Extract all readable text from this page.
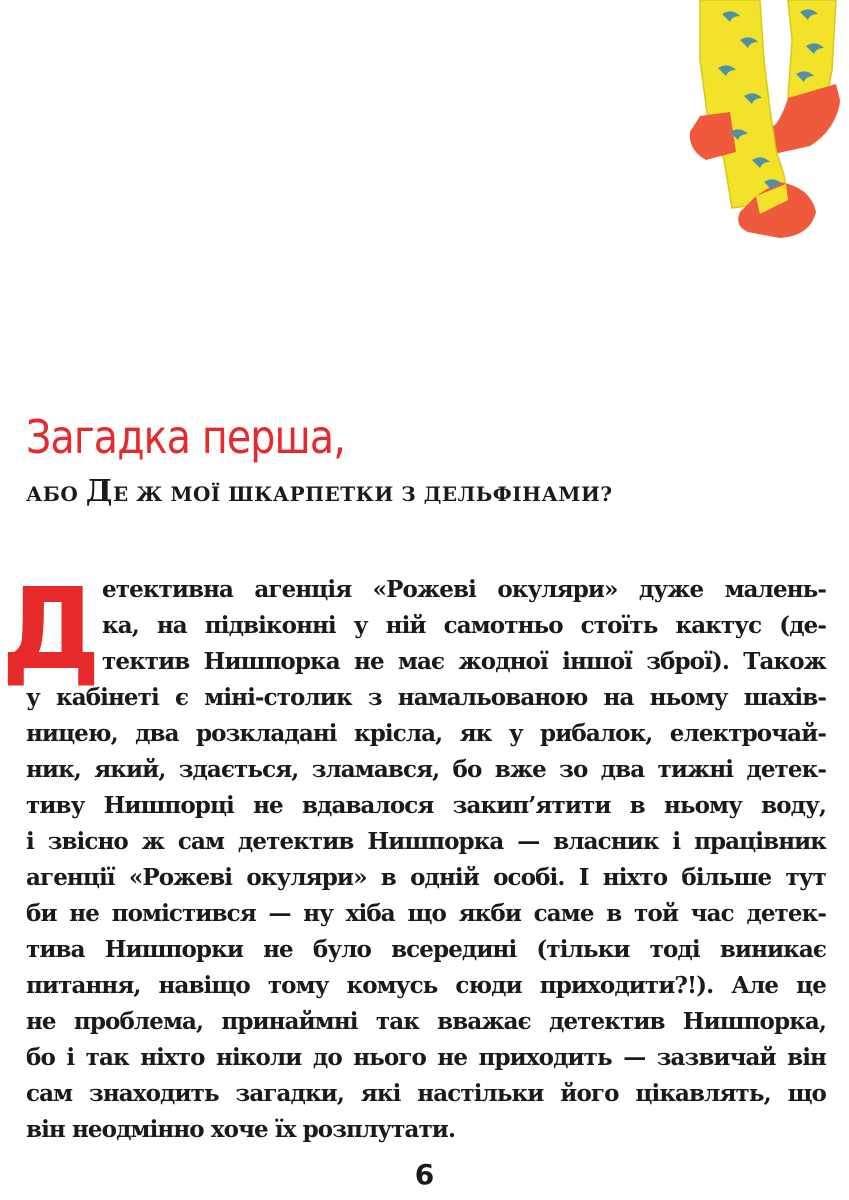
Загадка перша,
АБО ДЕ Ж МОЇ ШКАРПЕТКИ З ДЕЛЬФІНАМИ?
Д етективна агенція «Рожеві окуляри» дуже малень-
ка, на підвіконні у ній самотньо стоїть кактус (де-
тектив Нишпорка не має жодної іншої зброї). Також
у кабінеті є міні-столик з намальованою на ньому шахів-
ницею, два розкладані крісла, як у рибалок, електрочай-
ник, який, здається, зламався, бо вже зо два тижні детек-
тиву Нишпорці не вдавалося закип’ятити в ньому воду,
і звісно ж сам детектив Нишпорка — власник і працівник
агенції «Рожеві окуляри» в одній особі. І ніхто більше тут
би не помістився — ну хіба що якби саме в той час детек-
тива Нишпорки не було всередині (тільки тоді виникає
питання, навіщо тому комусь сюди приходити?!). Але це
не проблема, принаймні так вважає детектив Нишпорка,
бо і так ніхто ніколи до нього не приходить — зазвичай він
сам знаходить загадки, які настільки його цікавлять, що
він неодмінно хоче їх розплутати.
6
